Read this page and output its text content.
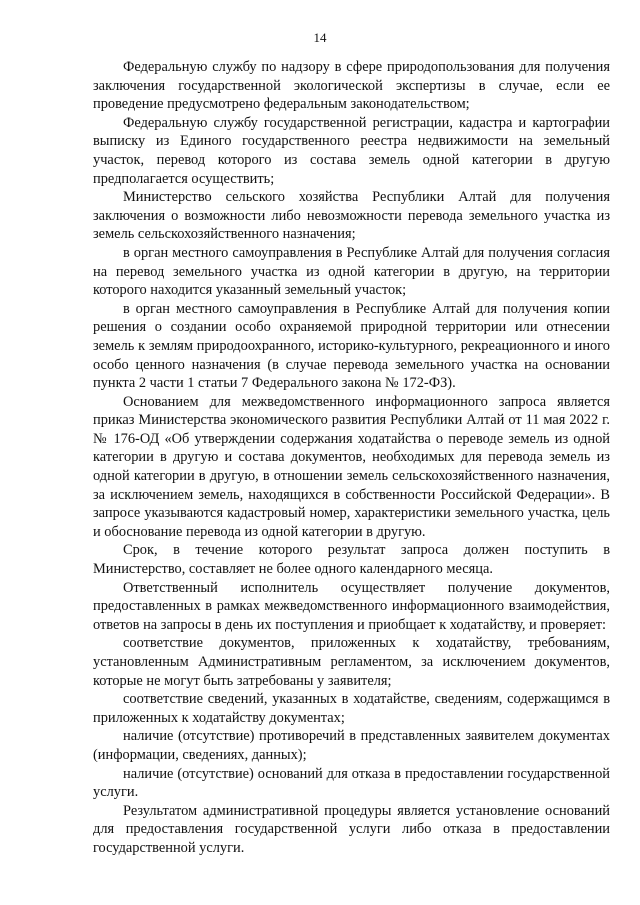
14

Федеральную службу по надзору в сфере природопользования для получения заключения государственной экологической экспертизы в случае, если ее проведение предусмотрено федеральным законодательством;

Федеральную службу государственной регистрации, кадастра и картографии выписку из Единого государственного реестра недвижимости на земельный участок, перевод которого из состава земель одной категории в другую предполагается осуществить;

Министерство сельского хозяйства Республики Алтай для получения заключения о возможности либо невозможности перевода земельного участка из земель сельскохозяйственного назначения;

в орган местного самоуправления в Республике Алтай для получения согласия на перевод земельного участка из одной категории в другую, на территории которого находится указанный земельный участок;

в орган местного самоуправления в Республике Алтай для получения копии решения о создании особо охраняемой природной территории или отнесении земель к землям природоохранного, историко-культурного, рекреационного и иного особо ценного назначения (в случае перевода земельного участка на основании пункта 2 части 1 статьи 7 Федерального закона № 172-ФЗ).

Основанием для межведомственного информационного запроса является приказ Министерства экономического развития Республики Алтай от 11 мая 2022 г. № 176-ОД «Об утверждении содержания ходатайства о переводе земель из одной категории в другую и состава документов, необходимых для перевода земель из одной категории в другую, в отношении земель сельскохозяйственного назначения, за исключением земель, находящихся в собственности Российской Федерации». В запросе указываются кадастровый номер, характеристики земельного участка, цель и обоснование перевода из одной категории в другую.

Срок, в течение которого результат запроса должен поступить в Министерство, составляет не более одного календарного месяца.

Ответственный исполнитель осуществляет получение документов, предоставленных в рамках межведомственного информационного взаимодействия, ответов на запросы в день их поступления и приобщает к ходатайству, и проверяет:

соответствие документов, приложенных к ходатайству, требованиям, установленным Административным регламентом, за исключением документов, которые не могут быть затребованы у заявителя;

соответствие сведений, указанных в ходатайстве, сведениям, содержащимся в приложенных к ходатайству документах;

наличие (отсутствие) противоречий в представленных заявителем документах (информации, сведениях, данных);

наличие (отсутствие) оснований для отказа в предоставлении государственной услуги.

Результатом административной процедуры является установление оснований для предоставления государственной услуги либо отказа в предоставлении государственной услуги.
